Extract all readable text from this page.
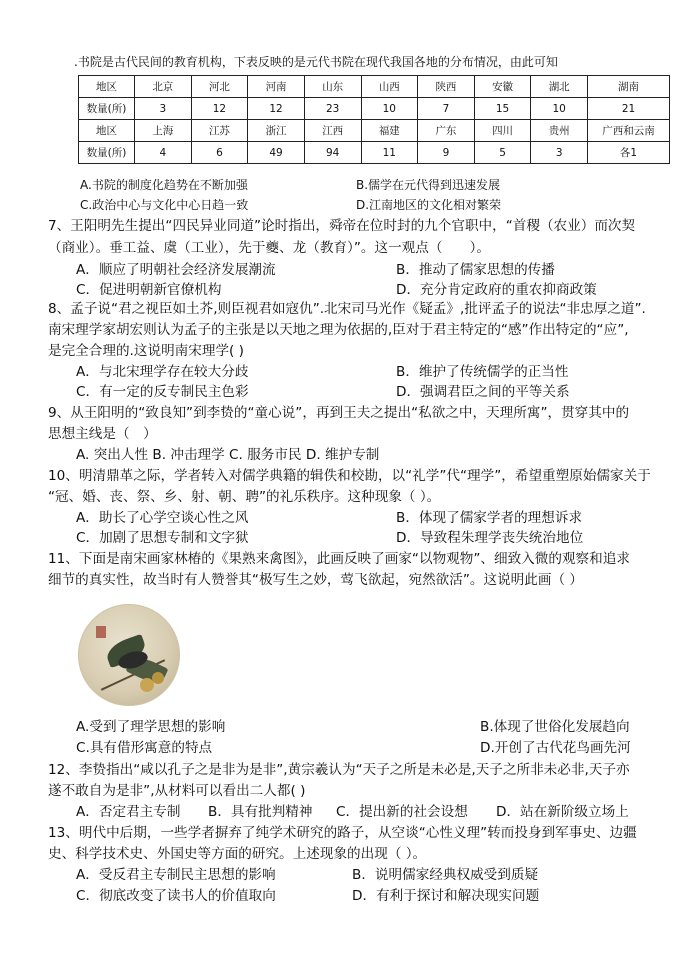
.书院是古代民间的教育机构，下表反映的是元代书院在现代我国各地的分布情况，由此可知
地区	北京	河北	河南	山东	山西	陕西	安徽	湖北	湖南
数量(所)	3	12	12	23	10	7	15	10	21
地区	上海	江苏	浙江	江西	福建	广东	四川	贵州	广西和云南
数量(所)	4	6	49	94	11	9	5	3	各1
A.书院的制度化趋势在不断加强	B.儒学在元代得到迅速发展
C.政治中心与文化中心日趋一致	D.江南地区的文化相对繁荣
7、王阳明先生提出“四民异业同道”论时指出，舜帝在位时封的九个官职中，“首稷（农业）而次契
（商业）。垂工益、虞（工业），先于夔、龙（教育）”。这一观点（　　）。
A．顺应了明朝社会经济发展潮流	B．推动了儒家思想的传播
C．促进明朝新官僚机构	D．充分肯定政府的重农抑商政策
8、孟子说“君之视臣如土芥,则臣视君如寇仇”.北宋司马光作《疑孟》,批评孟子的说法“非忠厚之道”.
南宋理学家胡宏则认为孟子的主张是以天地之理为依据的,臣对于君主特定的“感”作出特定的“应”,
是完全合理的.这说明南宋理学( )
A．与北宋理学存在较大分歧	B．维护了传统儒学的正当性
C．有一定的反专制民主色彩	D．强调君臣之间的平等关系
9、从王阳明的“致良知”到李贽的“童心说”，再到王夫之提出“私欲之中，天理所寓”，贯穿其中的
思想主线是（　）
A. 突出人性 B. 冲击理学 C. 服务市民 D. 维护专制
10、明清鼎革之际，学者转入对儒学典籍的辑佚和校勘，以“礼学”代“理学”，希望重塑原始儒家关于
“冠、婚、丧、祭、乡、射、朝、聘”的礼乐秩序。这种现象（ ）。
A．助长了心学空谈心性之风	B．体现了儒家学者的理想诉求
C．加剧了思想专制和文字狱	D．导致程朱理学丧失统治地位
11、下面是南宋画家林椿的《果熟来禽图》，此画反映了画家“以物观物”、细致入微的观察和追求
细节的真实性，故当时有人赞誉其“极写生之妙，莺飞欲起，宛然欲活”。这说明此画（ ）
A.受到了理学思想的影响	B.体现了世俗化发展趋向
C.具有借形寓意的特点	D.开创了古代花鸟画先河
12、李贽指出“咸以孔子之是非为是非”,黄宗羲认为“天子之所是未必是,天子之所非未必非,天子亦
遂不敢自为是非”,从材料可以看出二人都( )
A．否定君主专制 B．具有批判精神 C．提出新的社会设想 D．站在新阶级立场上
13、明代中后期，一些学者摒弃了纯学术研究的路子，从空谈“心性义理”转而投身到军事史、边疆
史、科学技术史、外国史等方面的研究。上述现象的出现（ ）。
A．受反君主专制民主思想的影响	B．说明儒家经典权威受到质疑
C．彻底改变了读书人的价值取向	D．有利于探讨和解决现实问题
